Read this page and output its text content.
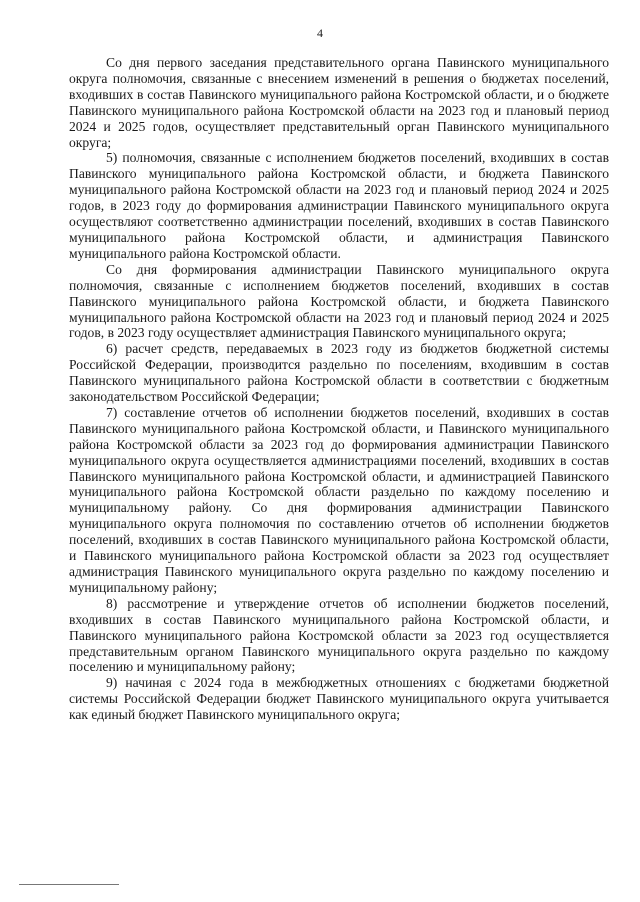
4

Со дня первого заседания представительного органа Павинского муниципального округа полномочия, связанные с внесением изменений в решения о бюджетах поселений, входивших в состав Павинского муниципального района Костромской области, и о бюджете Павинского муниципального района Костромской области на 2023 год и плановый период 2024 и 2025 годов, осуществляет представительный орган Павинского муниципального округа;

5) полномочия, связанные с исполнением бюджетов поселений, входивших в состав Павинского муниципального района Костромской области, и бюджета Павинского муниципального района Костромской области на 2023 год и плановый период 2024 и 2025 годов, в 2023 году до формирования администрации Павинского муниципального округа осуществляют соответственно администрации поселений, входивших в состав Павинского муниципального района Костромской области, и администрация Павинского муниципального района Костромской области.

Со дня формирования администрации Павинского муниципального округа полномочия, связанные с исполнением бюджетов поселений, входивших в состав Павинского муниципального района Костромской области, и бюджета Павинского муниципального района Костромской области на 2023 год и плановый период 2024 и 2025 годов, в 2023 году осуществляет администрация Павинского муниципального округа;

6) расчет средств, передаваемых в 2023 году из бюджетов бюджетной системы Российской Федерации, производится раздельно по поселениям, входившим в состав Павинского муниципального района Костромской области в соответствии с бюджетным законодательством Российской Федерации;

7) составление отчетов об исполнении бюджетов поселений, входивших в состав Павинского муниципального района Костромской области, и Павинского муниципального района Костромской области за 2023 год до формирования администрации Павинского муниципального округа осуществляется администрациями поселений, входивших в состав Павинского муниципального района Костромской области, и администрацией Павинского муниципального района Костромской области раздельно по каждому поселению и муниципальному району. Со дня формирования администрации Павинского муниципального округа полномочия по составлению отчетов об исполнении бюджетов поселений, входивших в состав Павинского муниципального района Костромской области, и Павинского муниципального района Костромской области за 2023 год осуществляет администрация Павинского муниципального округа раздельно по каждому поселению и муниципальному району;

8) рассмотрение и утверждение отчетов об исполнении бюджетов поселений, входивших в состав Павинского муниципального района Костромской области, и Павинского муниципального района Костромской области за 2023 год осуществляется представительным органом Павинского муниципального округа раздельно по каждому поселению и муниципальному району;

9) начиная с 2024 года в межбюджетных отношениях с бюджетами бюджетной системы Российской Федерации бюджет Павинского муниципального округа учитывается как единый бюджет Павинского муниципального округа;
